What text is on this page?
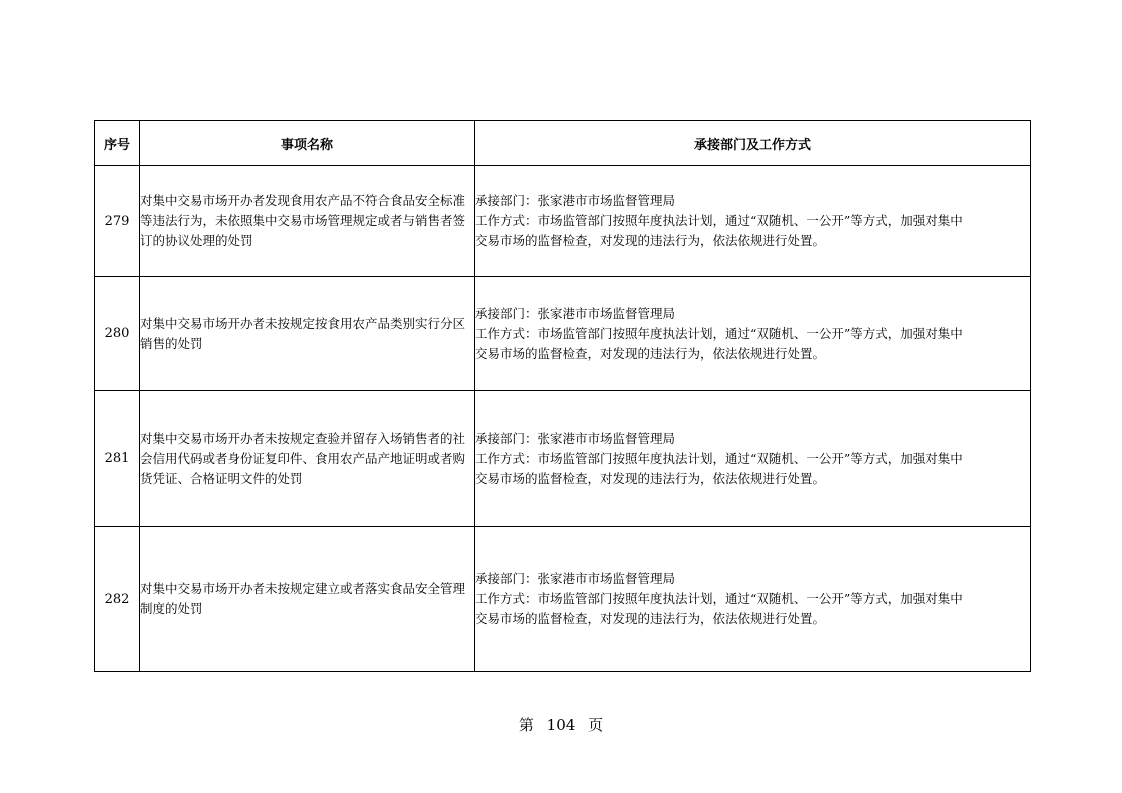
序号	事项名称	承接部门及工作方式
279	对集中交易市场开办者发现食用农产品不符合食品安全标准等违法行为，未依照集中交易市场管理规定或者与销售者签订的协议处理的处罚	承接部门：张家港市市场监督管理局
工作方式：市场监管部门按照年度执法计划，通过“双随机、一公开”等方式，加强对集中
交易市场的监督检查，对发现的违法行为，依法依规进行处置。

280	对集中交易市场开办者未按规定按食用农产品类别实行分区销售的处罚	承接部门：张家港市市场监督管理局
工作方式：市场监管部门按照年度执法计划，通过“双随机、一公开”等方式，加强对集中
交易市场的监督检查，对发现的违法行为，依法依规进行处置。

281	对集中交易市场开办者未按规定查验并留存入场销售者的社会信用代码或者身份证复印件、食用农产品产地证明或者购货凭证、合格证明文件的处罚	承接部门：张家港市市场监督管理局
工作方式：市场监管部门按照年度执法计划，通过“双随机、一公开”等方式，加强对集中
交易市场的监督检查，对发现的违法行为，依法依规进行处置。

282	对集中交易市场开办者未按规定建立或者落实食品安全管理制度的处罚	承接部门：张家港市市场监督管理局
工作方式：市场监管部门按照年度执法计划，通过“双随机、一公开”等方式，加强对集中
交易市场的监督检查，对发现的违法行为，依法依规进行处置。
第 104 页
